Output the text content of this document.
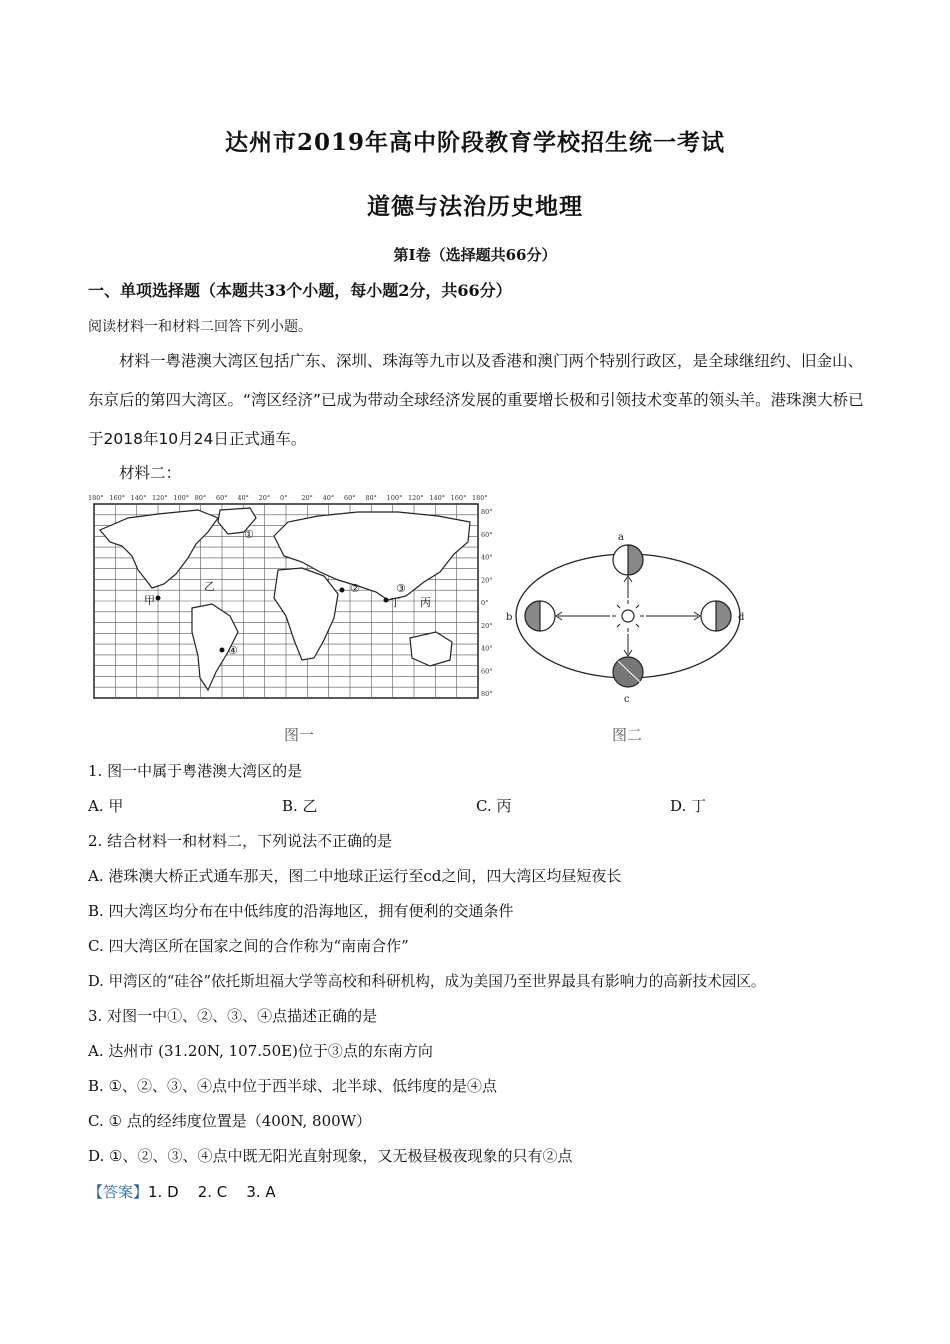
达州市2019年高中阶段教育学校招生统一考试
道德与法治历史地理
第Ⅰ卷（选择题共66分）
一、单项选择题（本题共33个小题，每小题2分，共66分）
阅读材料一和材料二回答下列小题。
材料一粤港澳大湾区包括广东、深圳、珠海等九市以及香港和澳门两个特别行政区，是全球继纽约、旧金山、东京后的第四大湾区。“湾区经济”已成为带动全球经济发展的重要增长极和引领技术变革的领头羊。港珠澳大桥已于2018年10月24日正式通车。
材料二：
180° 160° 140° 120° 100° 80° 60° 40° 20° 0° 20° 40° 60° 80° 100° 120° 140° 160° 180°
80°
60°
40°
20°
0°
20°
40°
60°
80°
甲
乙
丙
丁
①
②	③
④
图一
a
b
c
d
图二
1. 图一中属于粤港澳大湾区的是
A. 甲	B. 乙	C. 丙	D. 丁
2. 结合材料一和材料二，下列说法不正确的是
A. 港珠澳大桥正式通车那天，图二中地球正运行至cd之间，四大湾区均昼短夜长
B. 四大湾区均分布在中低纬度的沿海地区，拥有便利的交通条件
C. 四大湾区所在国家之间的合作称为“南南合作”
D. 甲湾区的“硅谷”依托斯坦福大学等高校和科研机构，成为美国乃至世界最具有影响力的高新技术园区。
3. 对图一中①、②、③、④点描述正确的是
A. 达州市 (31.20N, 107.50E)位于③点的东南方向
B. ①、②、③、④点中位于西半球、北半球、低纬度的是④点
C. ① 点的经纬度位置是（400N, 800W）
D. ①、②、③、④点中既无阳光直射现象，又无极昼极夜现象的只有②点
【答案】1. D    2. C    3. A
